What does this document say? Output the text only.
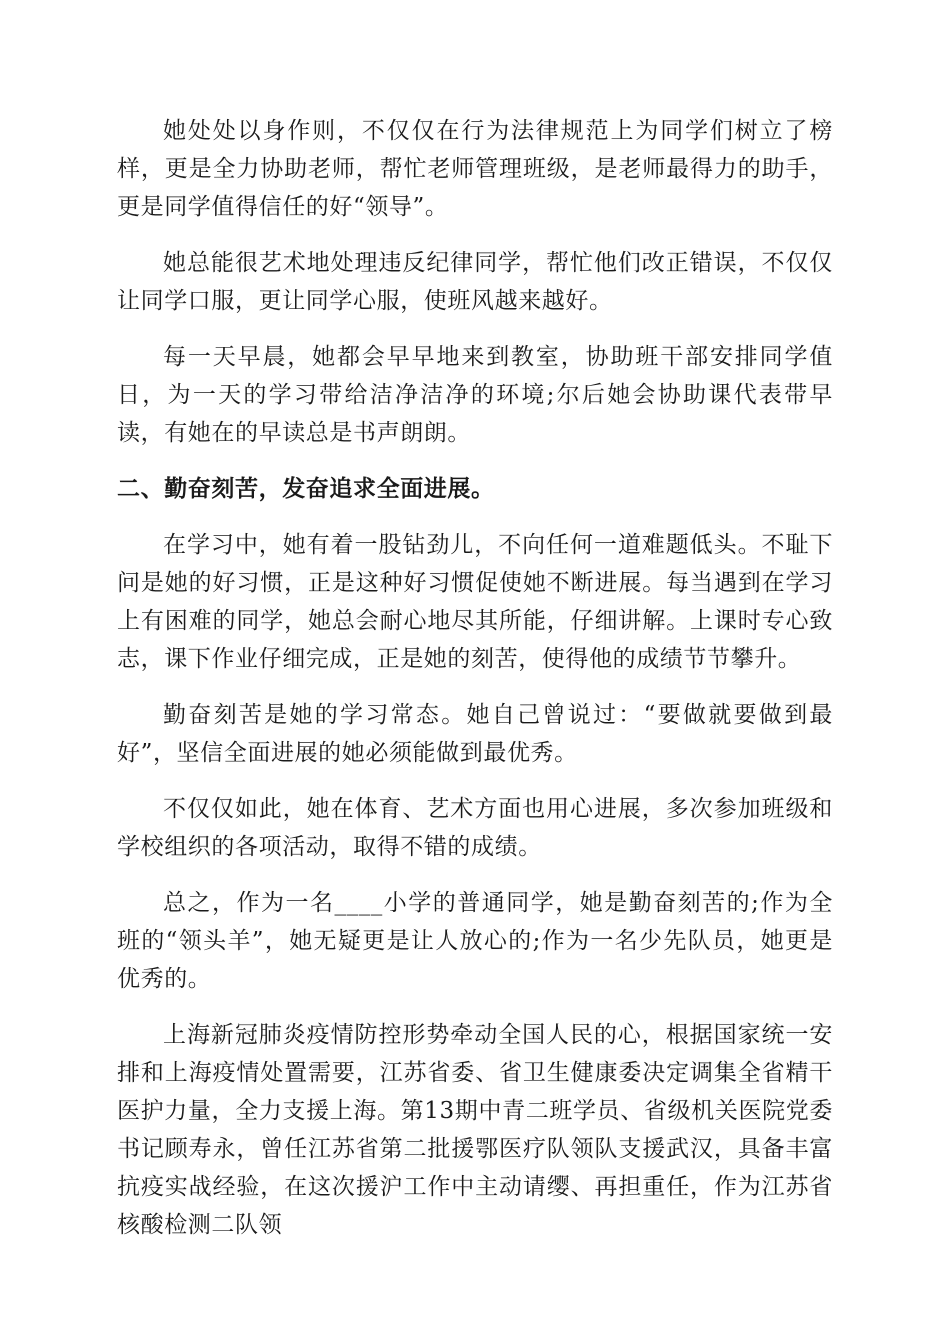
她处处以身作则，不仅仅在行为法律规范上为同学们树立了榜样，更是全力协助老师，帮忙老师管理班级，是老师最得力的助手，更是同学值得信任的好“领导”。

她总能很艺术地处理违反纪律同学，帮忙他们改正错误，不仅仅让同学口服，更让同学心服，使班风越来越好。

每一天早晨，她都会早早地来到教室，协助班干部安排同学值日，为一天的学习带给洁净洁净的环境;尔后她会协助课代表带早读，有她在的早读总是书声朗朗。

二、勤奋刻苦，发奋追求全面进展。

在学习中，她有着一股钻劲儿，不向任何一道难题低头。不耻下问是她的好习惯，正是这种好习惯促使她不断进展。每当遇到在学习上有困难的同学，她总会耐心地尽其所能，仔细讲解。上课时专心致志，课下作业仔细完成，正是她的刻苦，使得他的成绩节节攀升。

勤奋刻苦是她的学习常态。她自己曾说过：“要做就要做到最好”，坚信全面进展的她必须能做到最优秀。

不仅仅如此，她在体育、艺术方面也用心进展，多次参加班级和学校组织的各项活动，取得不错的成绩。

总之，作为一名____小学的普通同学，她是勤奋刻苦的;作为全班的“领头羊”，她无疑更是让人放心的;作为一名少先队员，她更是优秀的。

上海新冠肺炎疫情防控形势牵动全国人民的心，根据国家统一安排和上海疫情处置需要，江苏省委、省卫生健康委决定调集全省精干医护力量，全力支援上海。第13期中青二班学员、省级机关医院党委书记顾寿永，曾任江苏省第二批援鄂医疗队领队支援武汉，具备丰富抗疫实战经验，在这次援沪工作中主动请缨、再担重任，作为江苏省核酸检测二队领
